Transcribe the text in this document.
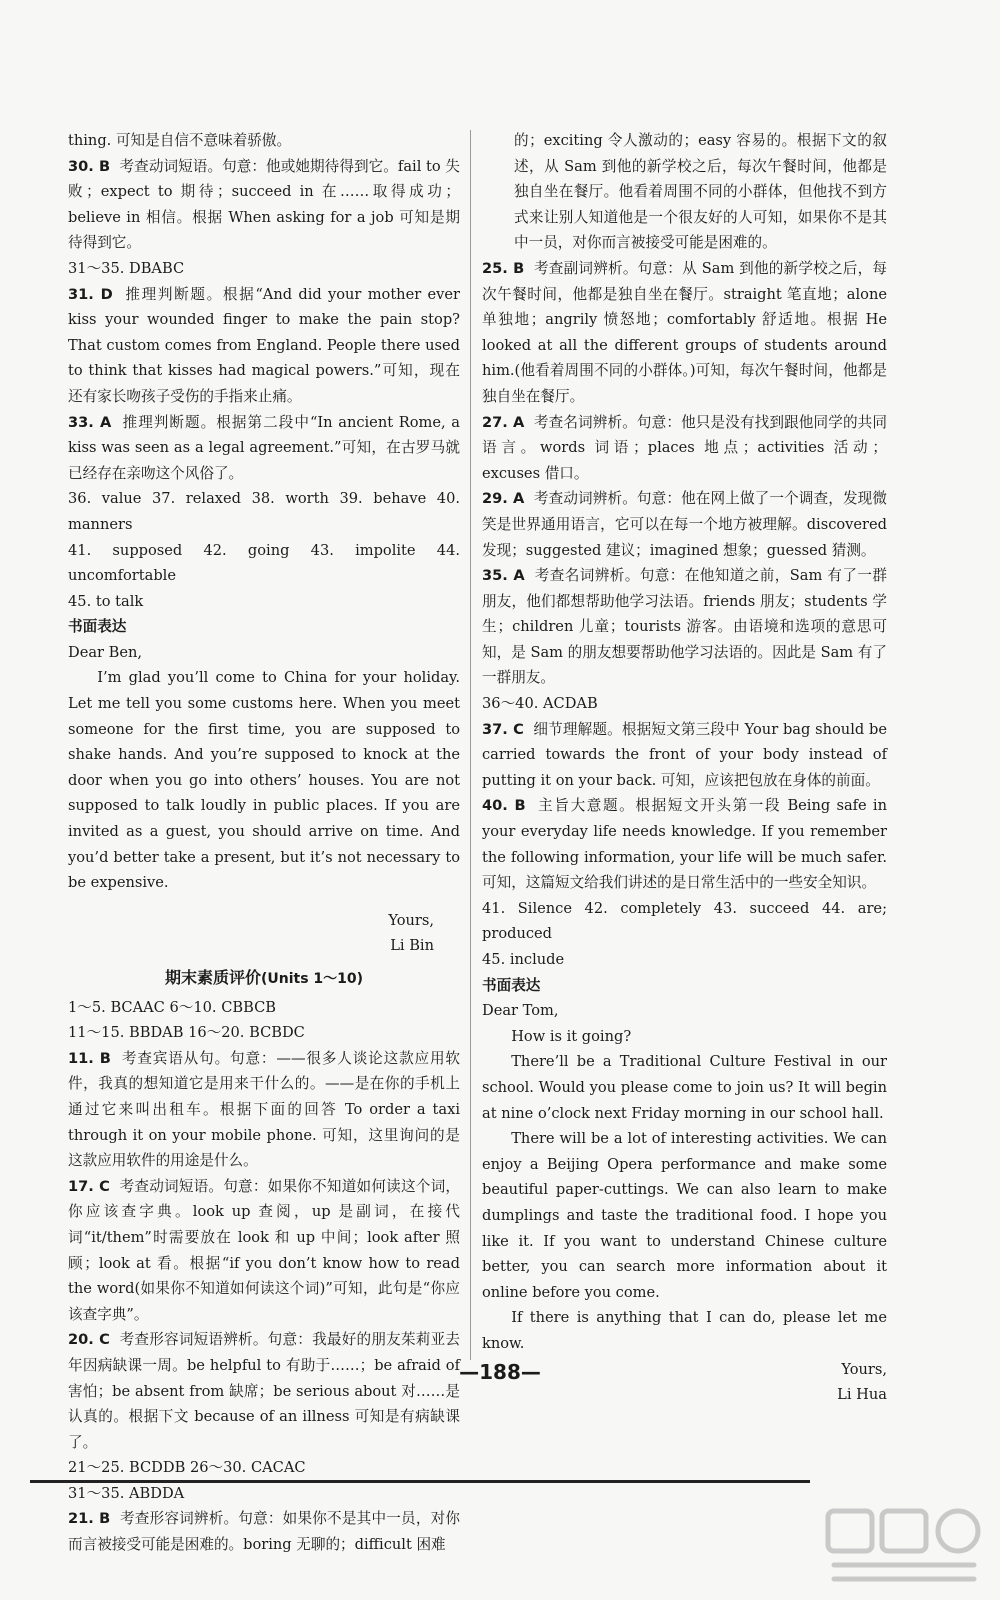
thing. 可知是自信不意味着骄傲。

30. B 考查动词短语。句意：他或她期待得到它。fail to 失败；expect to 期待；succeed in 在……取得成功；believe in 相信。根据 When asking for a job 可知是期待得到它。

31～35. DBABC

31. D 推理判断题。根据“And did your mother ever kiss your wounded finger to make the pain stop? That custom comes from England. People there used to think that kisses had magical powers.”可知，现在还有家长吻孩子受伤的手指来止痛。

33. A 推理判断题。根据第二段中“In ancient Rome, a kiss was seen as a legal agreement.”可知，在古罗马就已经存在亲吻这个风俗了。

36. value 37. relaxed 38. worth 39. behave 40. manners

41. supposed 42. going 43. impolite 44. uncomfortable

45. to talk

书面表达

Dear Ben,

I’m glad you’ll come to China for your holiday. Let me tell you some customs here. When you meet someone for the first time, you are supposed to shake hands. And you’re supposed to knock at the door when you go into others’ houses. You are not supposed to talk loudly in public places. If you are invited as a guest, you should arrive on time. And you’d better take a present, but it’s not necessary to be expensive.

Yours,

Li Bin

期末素质评价(Units 1～10)

1～5. BCAAC 6～10. CBBCB

11～15. BBDAB 16～20. BCBDC

11. B 考查宾语从句。句意：——很多人谈论这款应用软件，我真的想知道它是用来干什么的。——是在你的手机上通过它来叫出租车。根据下面的回答 To order a taxi through it on your mobile phone. 可知，这里询问的是这款应用软件的用途是什么。

17. C 考查动词短语。句意：如果你不知道如何读这个词，你应该查字典。look up 查阅，up 是副词，在接代词“it/them”时需要放在 look 和 up 中间；look after 照顾；look at 看。根据“if you don’t know how to read the word(如果你不知道如何读这个词)”可知，此句是“你应该查字典”。

20. C 考查形容词短语辨析。句意：我最好的朋友茱莉亚去年因病缺课一周。be helpful to 有助于……；be afraid of 害怕；be absent from 缺席；be serious about 对……是认真的。根据下文 because of an illness 可知是有病缺课了。

21～25. BCDDB 26～30. CACAC

31～35. ABDDA

21. B 考查形容词辨析。句意：如果你不是其中一员，对你而言被接受可能是困难的。boring 无聊的；difficult 困难

的；exciting 令人激动的；easy 容易的。根据下文的叙述，从 Sam 到他的新学校之后，每次午餐时间，他都是独自坐在餐厅。他看着周围不同的小群体，但他找不到方式来让别人知道他是一个很友好的人可知，如果你不是其中一员，对你而言被接受可能是困难的。

25. B 考查副词辨析。句意：从 Sam 到他的新学校之后，每次午餐时间，他都是独自坐在餐厅。straight 笔直地；alone 单独地；angrily 愤怒地；comfortably 舒适地。根据 He looked at all the different groups of students around him.(他看着周围不同的小群体。)可知，每次午餐时间，他都是独自坐在餐厅。

27. A 考查名词辨析。句意：他只是没有找到跟他同学的共同语言。words 词语；places 地点；activities 活动；excuses 借口。

29. A 考查动词辨析。句意：他在网上做了一个调查，发现微笑是世界通用语言，它可以在每一个地方被理解。discovered 发现；suggested 建议；imagined 想象；guessed 猜测。

35. A 考查名词辨析。句意：在他知道之前，Sam 有了一群朋友，他们都想帮助他学习法语。friends 朋友；students 学生；children 儿童；tourists 游客。由语境和选项的意思可知，是 Sam 的朋友想要帮助他学习法语的。因此是 Sam 有了一群朋友。

36～40. ACDAB

37. C 细节理解题。根据短文第三段中 Your bag should be carried towards the front of your body instead of putting it on your back. 可知，应该把包放在身体的前面。

40. B 主旨大意题。根据短文开头第一段 Being safe in your everyday life needs knowledge. If you remember the following information, your life will be much safer. 可知，这篇短文给我们讲述的是日常生活中的一些安全知识。

41. Silence 42. completely 43. succeed 44. are; produced

45. include

书面表达

Dear Tom,

How is it going?

There’ll be a Traditional Culture Festival in our school. Would you please come to join us? It will begin at nine o’clock next Friday morning in our school hall.

There will be a lot of interesting activities. We can enjoy a Beijing Opera performance and make some beautiful paper-cuttings. We can also learn to make dumplings and taste the traditional food. I hope you like it. If you want to understand Chinese culture better, you can search more information about it online before you come.

If there is anything that I can do, please let me know.

Yours,

Li Hua

—188—
